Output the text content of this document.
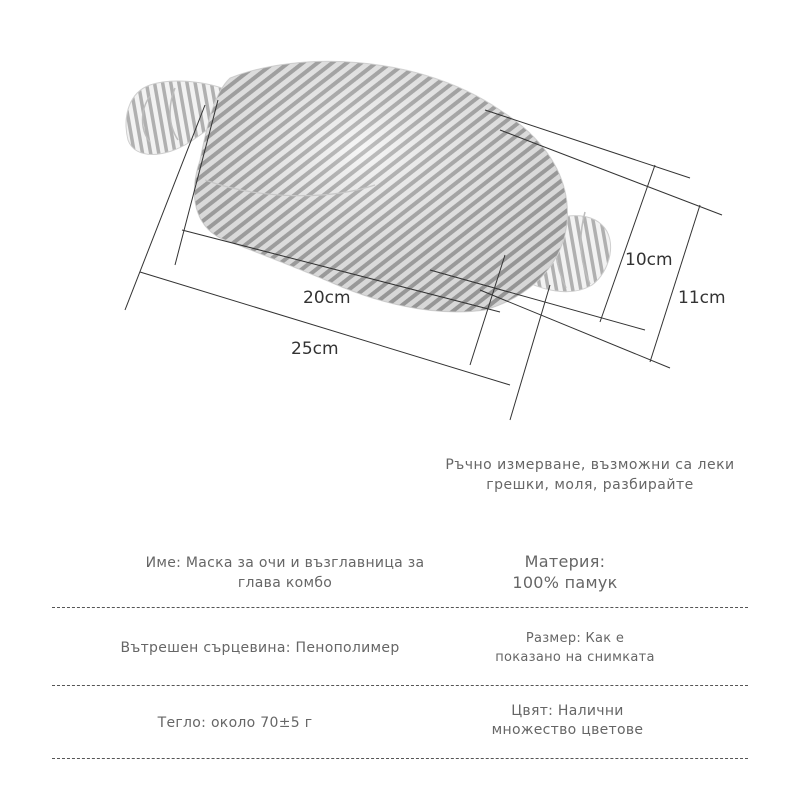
20cm
25cm
10cm
11cm
Ръчно измерване, възможни са леки
грешки, моля, разбирайте
Име: Маска за очи и възглавница за
глава комбо
Материя:
100% памук
Вътрешен сърцевина: Пенополимер
Размер: Как е
показано на снимката
Тегло: около 70±5 г
Цвят: Налични
множество цветове
